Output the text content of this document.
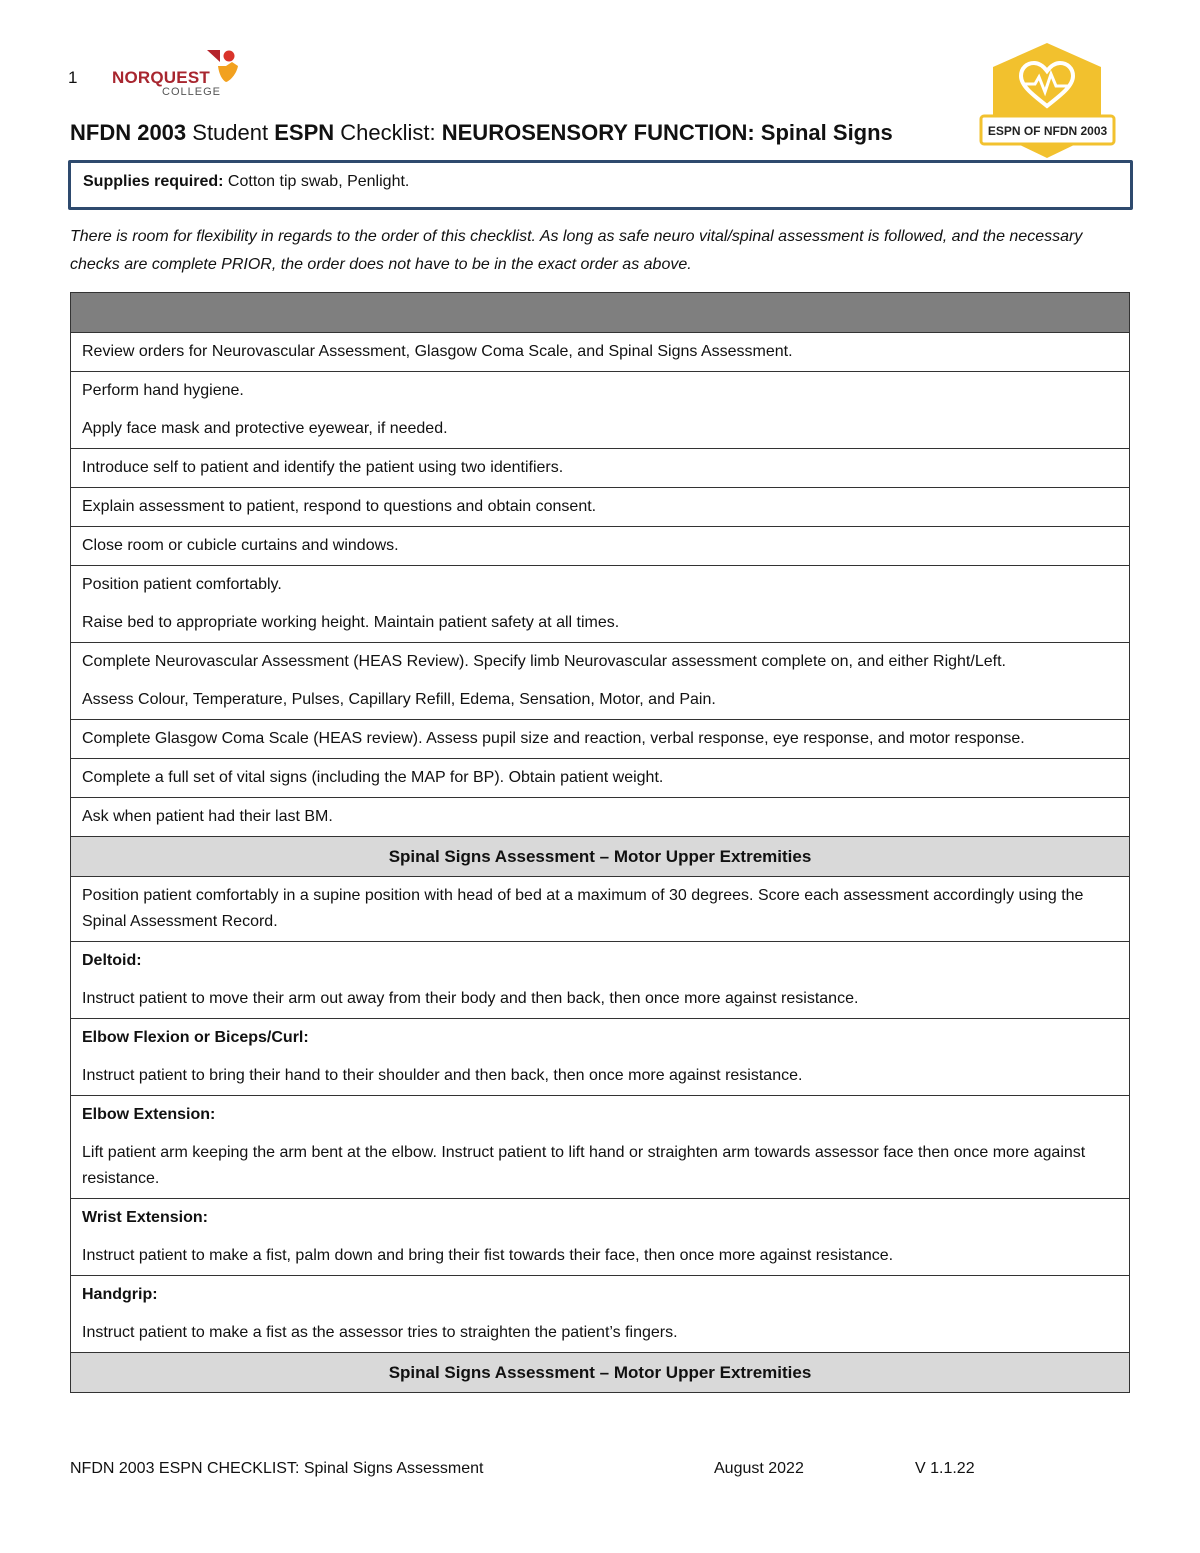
1 NORQUEST
COLLEGE
ESPN OF NFDN 2003
NFDN 2003 Student ESPN Checklist: NEUROSENSORY FUNCTION: Spinal Signs
Supplies required: Cotton tip swab, Penlight.
There is room for flexibility in regards to the order of this checklist. As long as safe neuro vital/spinal assessment is followed, and the necessary checks are complete PRIOR, the order does not have to be in the exact order as above.

Review orders for Neurovascular Assessment, Glasgow Coma Scale, and Spinal Signs Assessment.

Perform hand hygiene.

Apply face mask and protective eyewear, if needed.

Introduce self to patient and identify the patient using two identifiers.

Explain assessment to patient, respond to questions and obtain consent.

Close room or cubicle curtains and windows.

Position patient comfortably.

Raise bed to appropriate working height. Maintain patient safety at all times.

Complete Neurovascular Assessment (HEAS Review). Specify limb Neurovascular assessment complete on, and either Right/Left.

Assess Colour, Temperature, Pulses, Capillary Refill, Edema, Sensation, Motor, and Pain.

Complete Glasgow Coma Scale (HEAS review). Assess pupil size and reaction, verbal response, eye response, and motor response.

Complete a full set of vital signs (including the MAP for BP). Obtain patient weight.

Ask when patient had their last BM.

Spinal Signs Assessment – Motor Upper Extremities

Position patient comfortably in a supine position with head of bed at a maximum of 30 degrees. Score each assessment accordingly using the Spinal Assessment Record.

Deltoid:

Instruct patient to move their arm out away from their body and then back, then once more against resistance.

Elbow Flexion or Biceps/Curl:

Instruct patient to bring their hand to their shoulder and then back, then once more against resistance.

Elbow Extension:

Lift patient arm keeping the arm bent at the elbow. Instruct patient to lift hand or straighten arm towards assessor face then once more against resistance.

Wrist Extension:

Instruct patient to make a fist, palm down and bring their fist towards their face, then once more against resistance.

Handgrip:

Instruct patient to make a fist as the assessor tries to straighten the patient’s fingers.

Spinal Signs Assessment – Motor Upper Extremities
NFDN 2003 ESPN CHECKLIST: Spinal Signs Assessment	August 2022	V 1.1.22
